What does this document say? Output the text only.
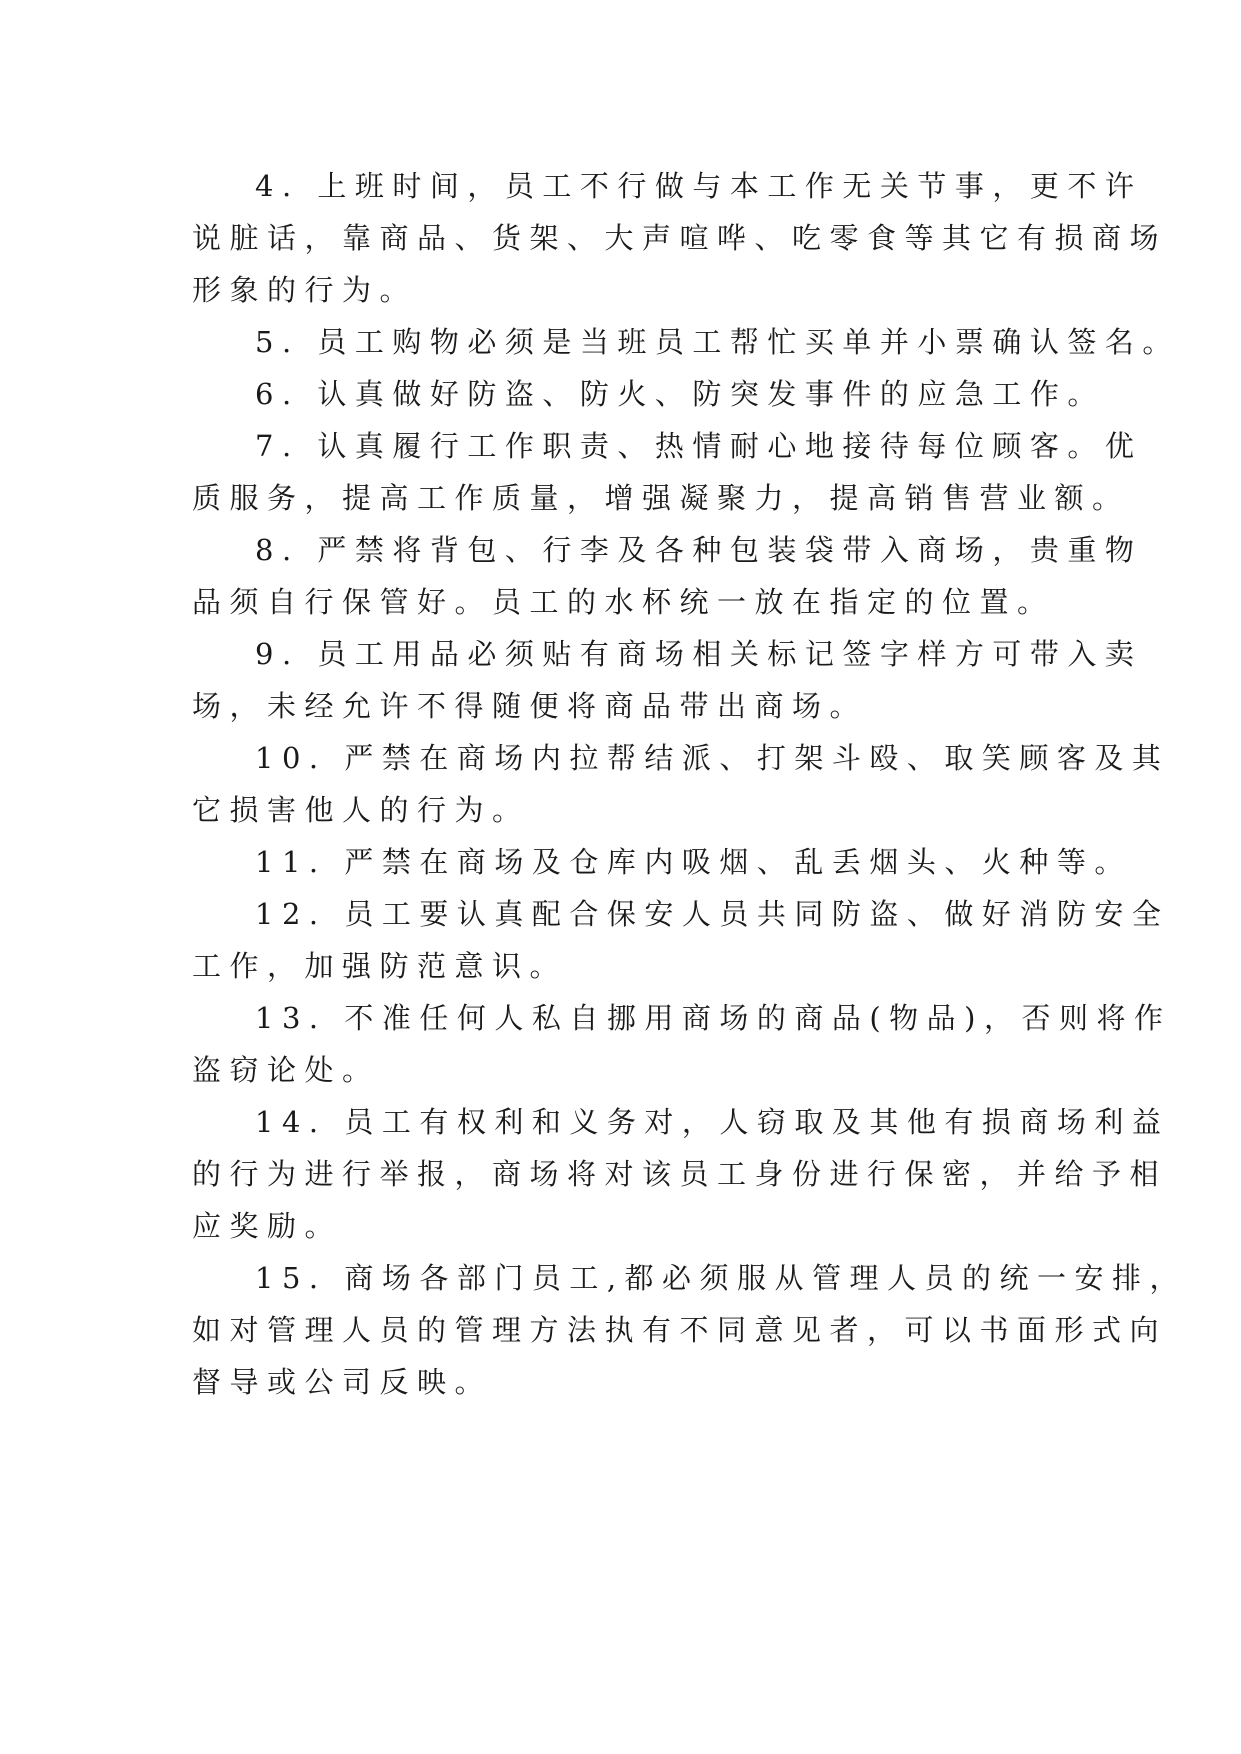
4. 上班时间，员工不行做与本工作无关节事，更不许
说脏话，靠商品、货架、大声喧哗、吃零食等其它有损商场
形象的行为。
5. 员工购物必须是当班员工帮忙买单并小票确认签名。
6. 认真做好防盗、防火、防突发事件的应急工作。
7. 认真履行工作职责、热情耐心地接待每位顾客。优
质服务，提高工作质量，增强凝聚力，提高销售营业额。
8. 严禁将背包、行李及各种包装袋带入商场，贵重物
品须自行保管好。员工的水杯统一放在指定的位置。
9. 员工用品必须贴有商场相关标记签字样方可带入卖
场，未经允许不得随便将商品带出商场。
10. 严禁在商场内拉帮结派、打架斗殴、取笑顾客及其
它损害他人的行为。
11. 严禁在商场及仓库内吸烟、乱丢烟头、火种等。
12. 员工要认真配合保安人员共同防盗、做好消防安全
工作，加强防范意识。
13. 不准任何人私自挪用商场的商品(物品)，否则将作
盗窃论处。
14. 员工有权利和义务对，人窃取及其他有损商场利益
的行为进行举报，商场将对该员工身份进行保密，并给予相
应奖励。
15. 商场各部门员工,都必须服从管理人员的统一安排，
如对管理人员的管理方法执有不同意见者，可以书面形式向
督导或公司反映。
